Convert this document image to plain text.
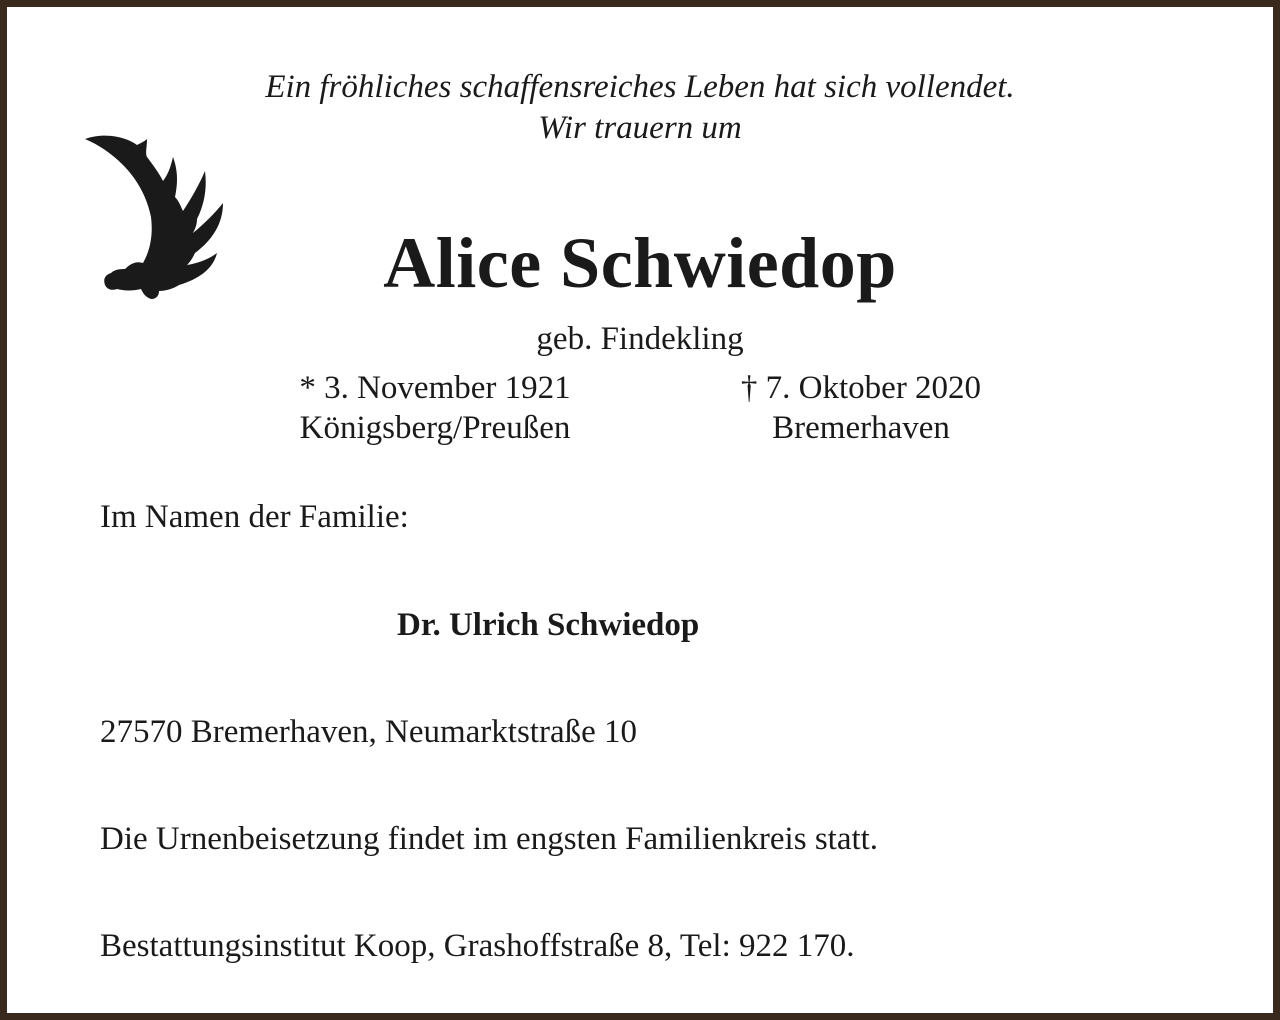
Ein fröhliches schaffensreiches Leben hat sich vollendet.
Wir trauern um
Alice Schwiedop
geb. Findekling
* 3. November 1921
Königsberg/Preußen
† 7. Oktober 2020
Bremerhaven
Im Namen der Familie:
Dr. Ulrich Schwiedop
27570 Bremerhaven, Neumarktstraße 10
Die Urnenbeisetzung findet im engsten Familienkreis statt.
Bestattungsinstitut Koop, Grashoffstraße 8, Tel: 922 170.
